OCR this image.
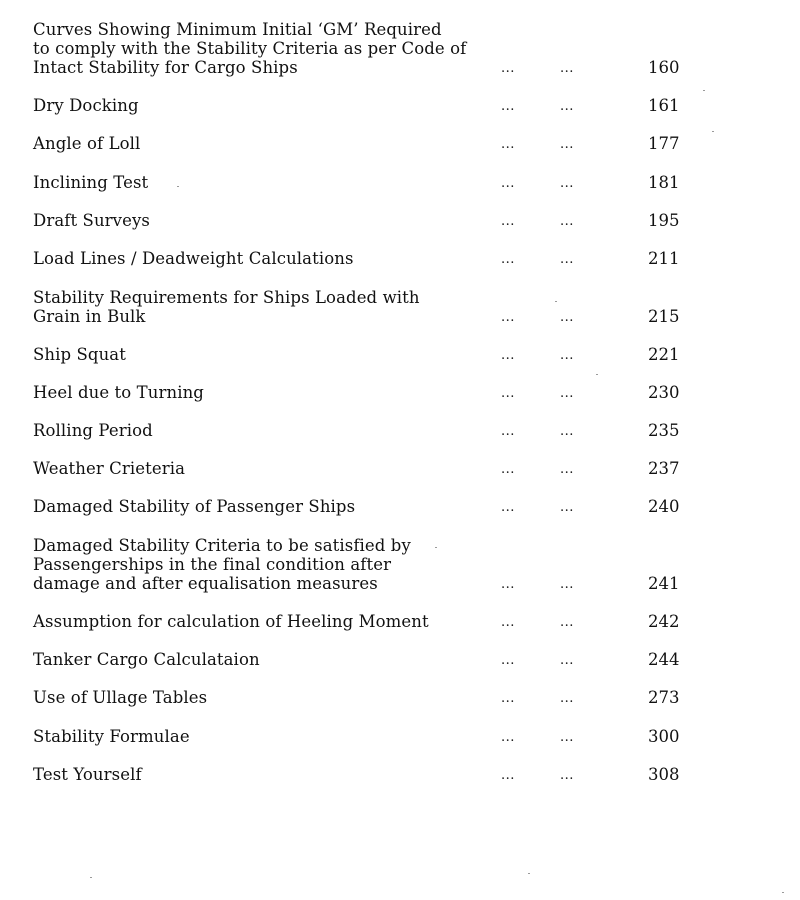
Curves Showing Minimum Initial ‘GM’ Required
to comply with the Stability Criteria as per Code of
Intact Stability for Cargo Ships	...	...	160
Dry Docking	...	...	161
Angle of Loll	...	...	177
Inclining Test	...	...	181
Draft Surveys	...	...	195
Load Lines / Deadweight Calculations	...	...	211
Stability Requirements for Ships Loaded with
Grain in Bulk	...	...	215
Ship Squat	...	...	221
Heel due to Turning	...	...	230
Rolling Period	...	...	235
Weather Crieteria	...	...	237
Damaged Stability of Passenger Ships	...	...	240
Damaged Stability Criteria to be satisfied by
Passengerships in the final condition after
damage and after equalisation measures	...	...	241
Assumption for calculation of Heeling Moment	...	...	242
Tanker Cargo Calculataion	...	...	244
Use of Ullage Tables	...	...	273
Stability Formulae	...	...	300
Test Yourself	...	...	308
